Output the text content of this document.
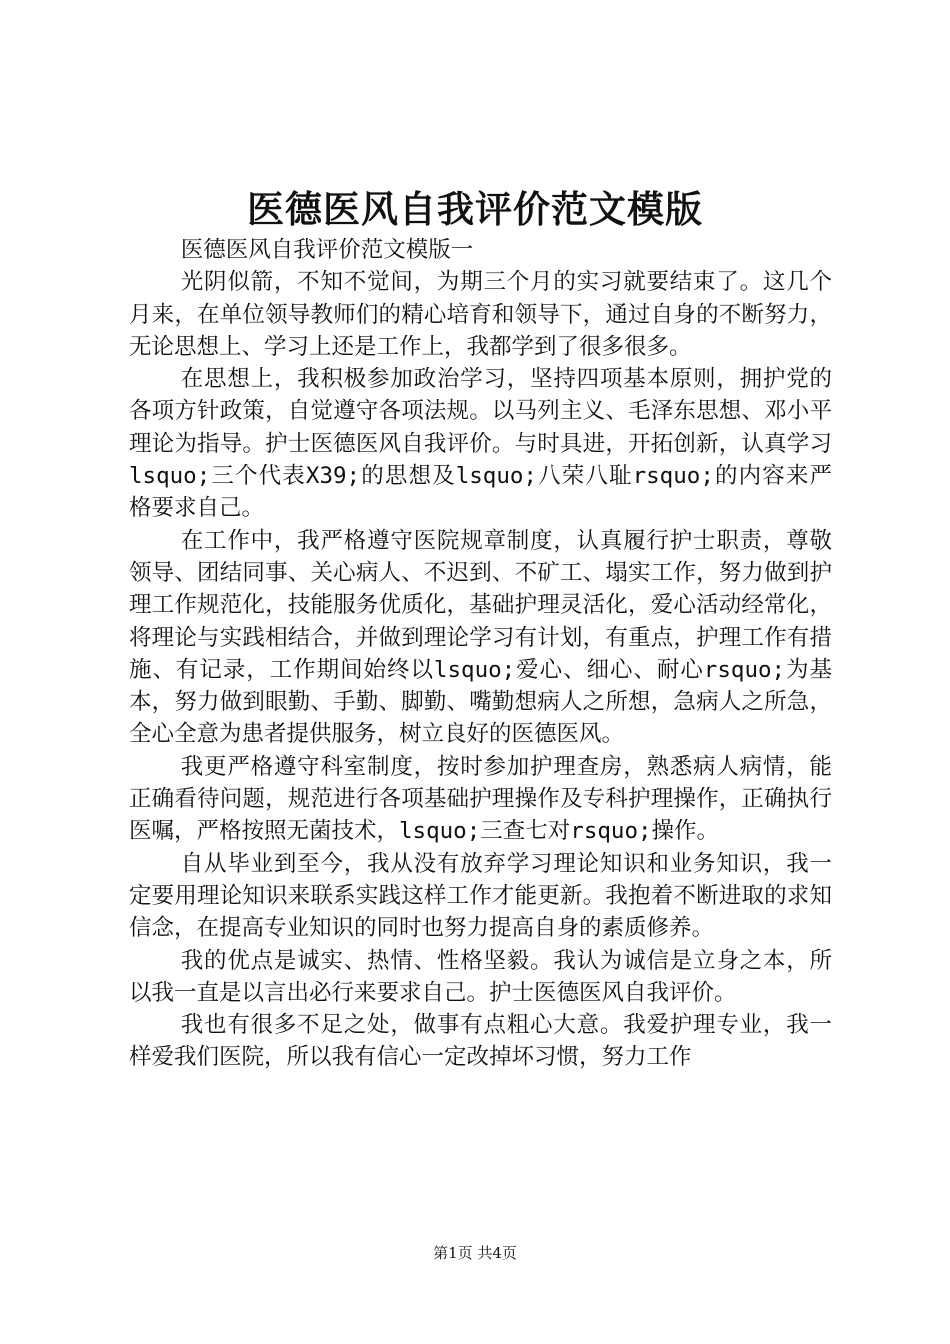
医德医风自我评价范文模版

医德医风自我评价范文模版一

光阴似箭，不知不觉间，为期三个月的实习就要结束了。这几个月来，在单位领导教师们的精心培育和领导下，通过自身的不断努力，无论思想上、学习上还是工作上，我都学到了很多很多。

在思想上，我积极参加政治学习，坚持四项基本原则，拥护党的各项方针政策，自觉遵守各项法规。以马列主义、毛泽东思想、邓小平理论为指导。护士医德医风自我评价。与时具进，开拓创新，认真学习lsquo;三个代表X39;的思想及lsquo;八荣八耻rsquo;的内容来严格要求自己。

在工作中，我严格遵守医院规章制度，认真履行护士职责，尊敬领导、团结同事、关心病人、不迟到、不矿工、塌实工作，努力做到护理工作规范化，技能服务优质化，基础护理灵活化，爱心活动经常化，将理论与实践相结合，并做到理论学习有计划，有重点，护理工作有措施、有记录，工作期间始终以lsquo;爱心、细心、耐心rsquo;为基本，努力做到眼勤、手勤、脚勤、嘴勤想病人之所想，急病人之所急，全心全意为患者提供服务，树立良好的医德医风。

我更严格遵守科室制度，按时参加护理查房，熟悉病人病情，能正确看待问题，规范进行各项基础护理操作及专科护理操作，正确执行医嘱，严格按照无菌技术，lsquo;三查七对rsquo;操作。

自从毕业到至今，我从没有放弃学习理论知识和业务知识，我一定要用理论知识来联系实践这样工作才能更新。我抱着不断进取的求知信念，在提高专业知识的同时也努力提高自身的素质修养。

我的优点是诚实、热情、性格坚毅。我认为诚信是立身之本，所以我一直是以言出必行来要求自己。护士医德医风自我评价。

我也有很多不足之处，做事有点粗心大意。我爱护理专业，我一样爱我们医院，所以我有信心一定改掉坏习惯，努力工作

第1页 共4页
